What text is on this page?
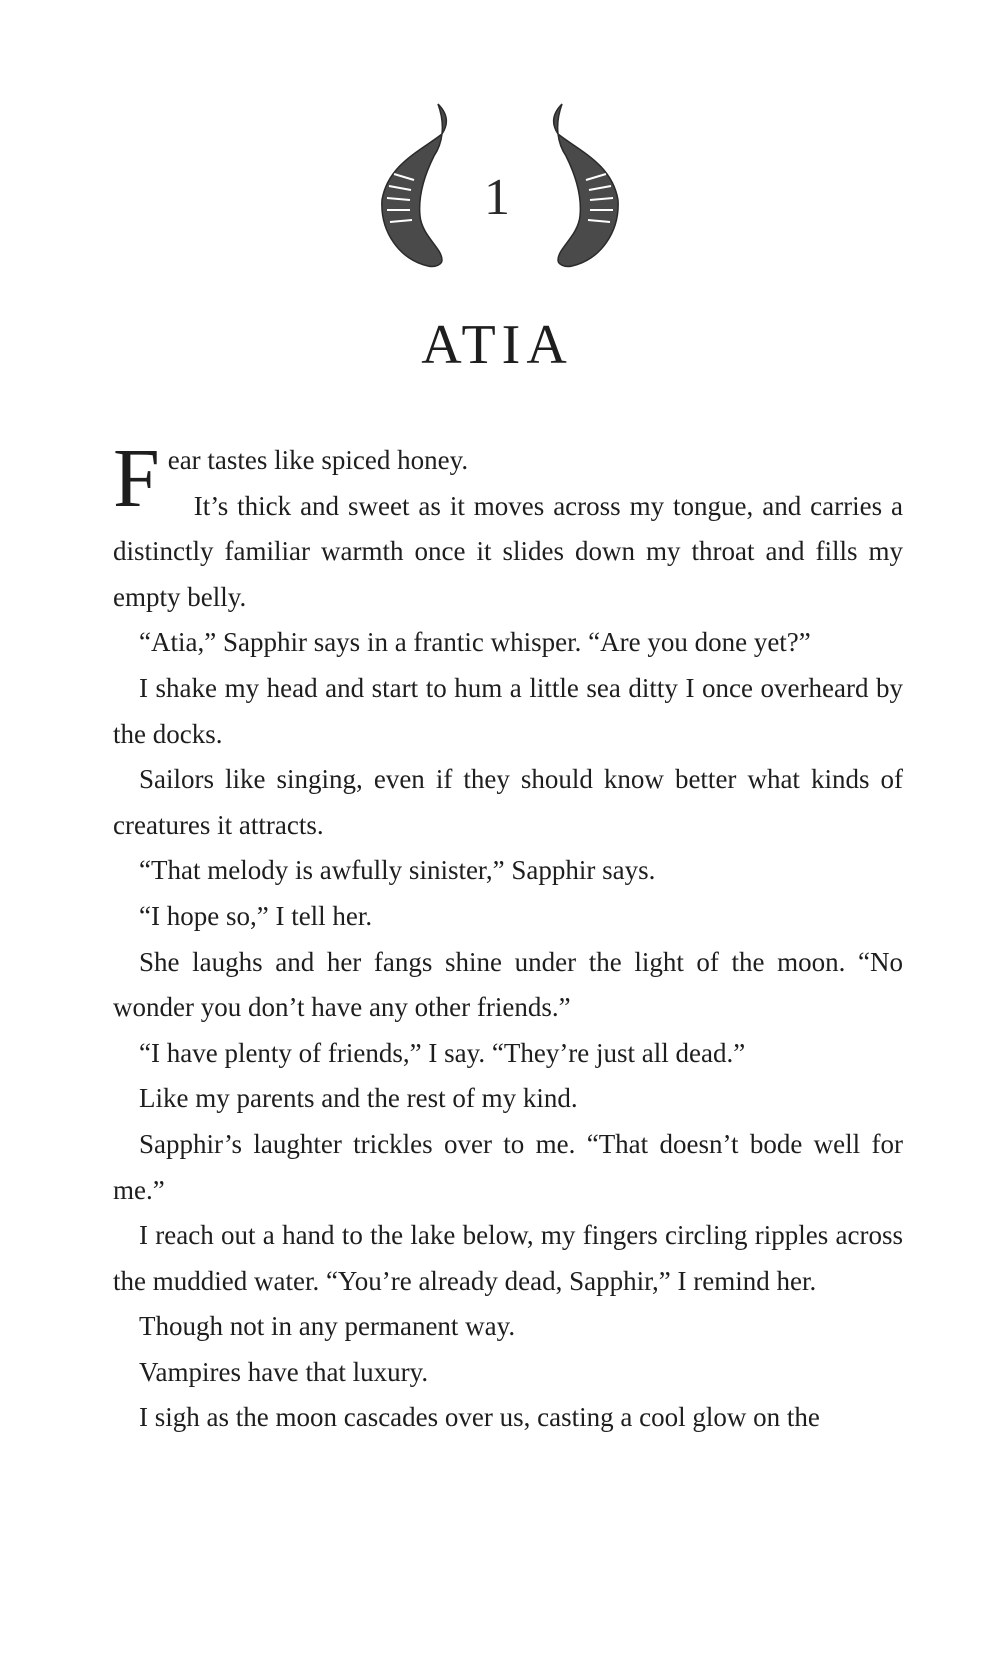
1
ATIA

Fear tastes like spiced honey.

It’s thick and sweet as it moves across my tongue, and carries a distinctly familiar warmth once it slides down my throat and fills my empty belly.

“Atia,” Sapphir says in a frantic whisper. “Are you done yet?”

I shake my head and start to hum a little sea ditty I once overheard by the docks.

Sailors like singing, even if they should know better what kinds of creatures it attracts.

“That melody is awfully sinister,” Sapphir says.

“I hope so,” I tell her.

She laughs and her fangs shine under the light of the moon. “No wonder you don’t have any other friends.”

“I have plenty of friends,” I say. “They’re just all dead.”

Like my parents and the rest of my kind.

Sapphir’s laughter trickles over to me. “That doesn’t bode well for me.”

I reach out a hand to the lake below, my fingers circling ripples across the muddied water. “You’re already dead, Sapphir,” I remind her.

Though not in any permanent way.

Vampires have that luxury.

I sigh as the moon cascades over us, casting a cool glow on the
